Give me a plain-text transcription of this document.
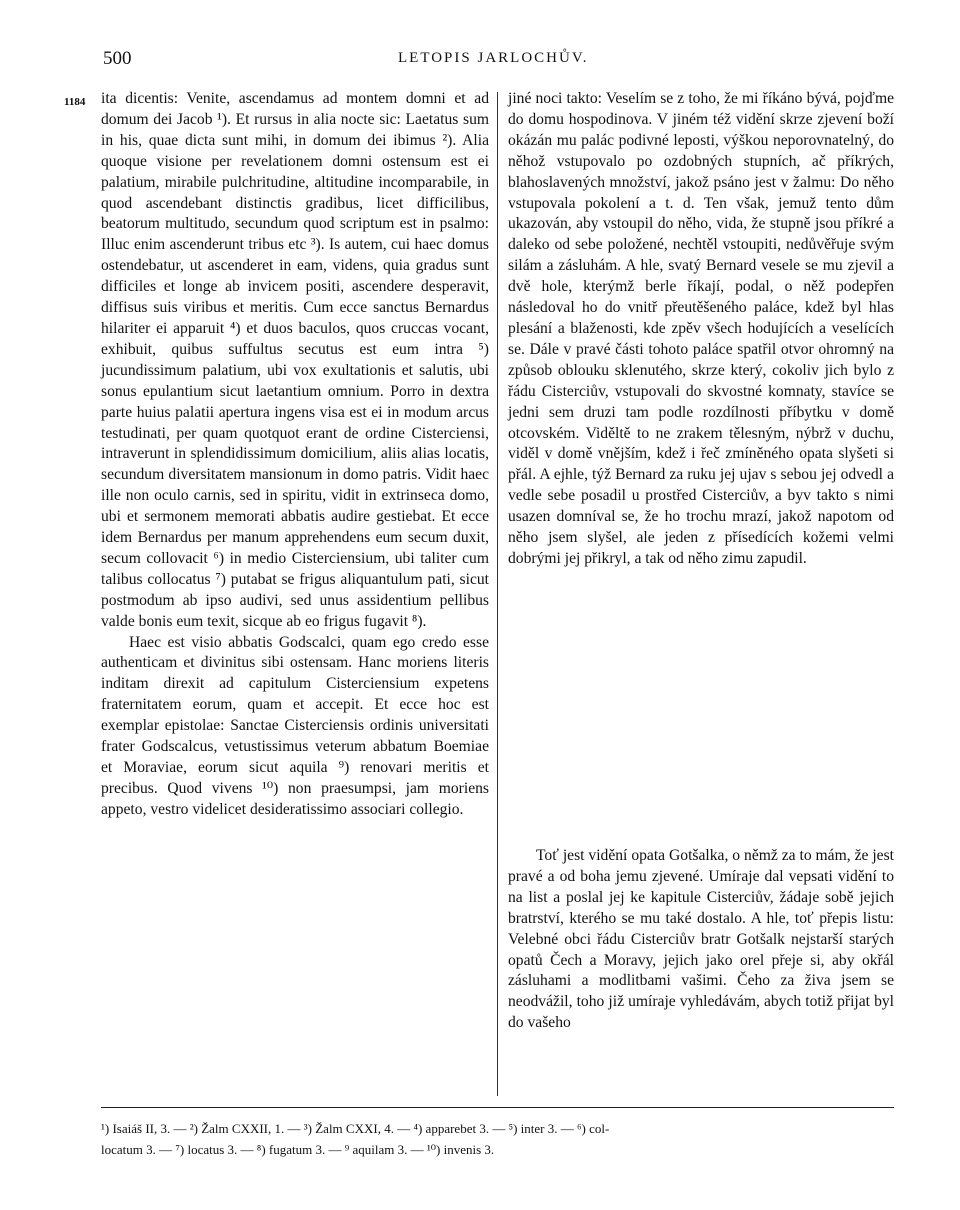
500	LETOPIS JARLOCHŮV.
1184 ita dicentis: Venite, ascendamus ad montem domni et ad domum dei Jacob ¹). Et rursus in alia nocte sic: Laetatus sum in his, quae dicta sunt mihi, in domum dei ibimus ²). Alia quoque visione per revelationem domni ostensum est ei palatium, mirabile pulchritudine, altitudine incomparabile, in quod ascendebant distinctis gradibus, licet difficilibus, beatorum multitudo, secundum quod scriptum est in psalmo: Illuc enim ascenderunt tribus etc ³). Is autem, cui haec domus ostendebatur, ut ascenderet in eam, videns, quia gradus sunt difficiles et longe ab invicem positi, ascendere desperavit, diffisus suis viribus et meritis. Cum ecce sanctus Bernardus hilariter ei apparuit ⁴) et duos baculos, quos cruccas vocant, exhibuit, quibus suffultus secutus est eum intra ⁵) jucundissimum palatium, ubi vox exultationis et salutis, ubi sonus epulantium sicut laetantium omnium. Porro in dextra parte huius palatii apertura ingens visa est ei in modum arcus testudinati, per quam quotquot erant de ordine Cisterciensi, intraverunt in splendidissimum domicilium, aliis alias locatis, secundum diversitatem mansionum in domo patris. Vidit haec ille non oculo carnis, sed in spiritu, vidit in extrinseca domo, ubi et sermonem memorati abbatis audire gestiebat. Et ecce idem Bernardus per manum apprehendens eum secum duxit, secum collovacit ⁶) in medio Cisterciensium, ubi taliter cum talibus collocatus ⁷) putabat se frigus aliquantulum pati, sicut postmodum ab ipso audivi, sed unus assidentium pellibus valde bonis eum texit, sicque ab eo frigus fugavit ⁸).

Haec est visio abbatis Godscalci, quam ego credo esse authenticam et divinitus sibi ostensam. Hanc moriens literis inditam direxit ad capitulum Cisterciensium expetens fraternitatem eorum, quam et accepit. Et ecce hoc est exemplar epistolae: Sanctae Cisterciensis ordinis universitati frater Godscalcus, vetustissimus veterum abbatum Boemiae et Moraviae, eorum sicut aquila ⁹) renovari meritis et precibus. Quod vivens ¹⁰) non praesumpsi, jam moriens appeto, vestro videlicet desideratissimo associari collegio.

jiné noci takto: Veselím se z toho, že mi říkáno bývá, pojďme do domu hospodinova. V jiném též vidění skrze zjevení boží okázán mu palác podivné leposti, výškou neporovnatelný, do něhož vstupovalo po ozdobných stupních, ač příkrých, blahoslavených množství, jakož psáno jest v žalmu: Do něho vstupovala pokolení a t. d. Ten však, jemuž tento dům ukazován, aby vstoupil do něho, vida, že stupně jsou příkré a daleko od sebe položené, nechtěl vstoupiti, nedůvěřuje svým silám a zásluhám. A hle, svatý Bernard vesele se mu zjevil a dvě hole, kterýmž berle říkají, podal, o něž podepřen následoval ho do vnitř přeutěšeného paláce, kdež byl hlas plesání a blaženosti, kde zpěv všech hodujících a veselících se. Dále v pravé části tohoto paláce spatřil otvor ohromný na způsob oblouku sklenutého, skrze který, cokoliv jich bylo z řádu Cisterciův, vstupovali do skvostné komnaty, stavíce se jedni sem druzi tam podle rozdílnosti příbytku v domě otcovském. Viděltě to ne zrakem tělesným, nýbrž v duchu, viděl v domě vnějším, kdež i řeč zmíněného opata slyšeti si přál. A ejhle, týž Bernard za ruku jej ujav s sebou jej odvedl a vedle sebe posadil u prostřed Cisterciův, a byv takto s nimi usazen domníval se, že ho trochu mrazí, jakož napotom od něho jsem slyšel, ale jeden z přísedících kožemi velmi dobrými jej přikryl, a tak od něho zimu zapudil.

Toť jest vidění opata Gotšalka, o němž za to mám, že jest pravé a od boha jemu zjevené. Umíraje dal vepsati vidění to na list a poslal jej ke kapitule Cisterciův, žádaje sobě jejich bratrství, kterého se mu také dostalo. A hle, toť přepis listu: Velebné obci řádu Cisterciův bratr Gotšalk nejstarší starých opatů Čech a Moravy, jejich jako orel přeje si, aby okřál zásluhami a modlitbami vašimi. Čeho za živa jsem se neodvážil, toho již umíraje vyhledávám, abych totiž přijat byl do vašeho

¹) Isaiáš II, 3. — ²) Žalm CXXII, 1. — ³) Žalm CXXI, 4. — ⁴) apparebet 3. — ⁵) inter 3. — ⁶) col-
locatum 3. — ⁷) locatus 3. — ⁸) fugatum 3. — ⁹ aquilam 3. — ¹⁰) invenis 3.
